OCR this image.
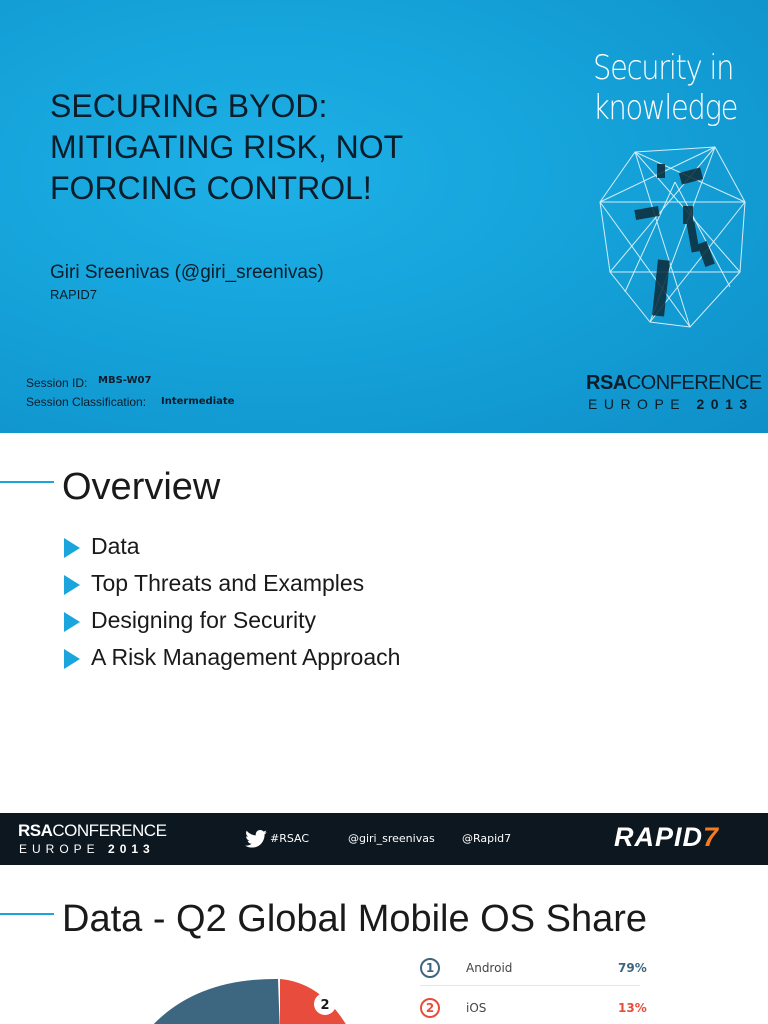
SECURING BYOD:
MITIGATING RISK, NOT
FORCING CONTROL!
Giri Sreenivas (@giri_sreenivas)
RAPID7
Session ID: MBS-W07
Session Classification: Intermediate
Security in
knowledge
RSACONFERENCE
EUROPE 2013
Overview
Data
Top Threats and Examples
Designing for Security
A Risk Management Approach
RSACONFERENCE
EUROPE 2013
#RSAC	@giri_sreenivas @Rapid7	RAPID7
Data - Q2 Global Mobile OS Share
2
1	Android	79%
2	iOS	13%
